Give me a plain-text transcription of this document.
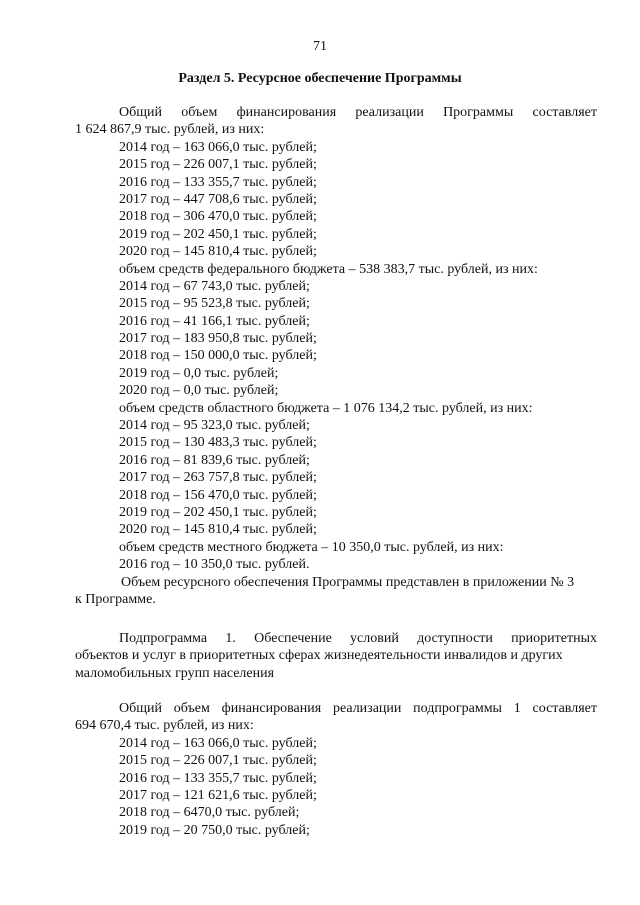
71
Раздел 5. Ресурсное обеспечение Программы
Общий объем финансирования реализации Программы составляет
1 624 867,9 тыс. рублей, из них:
2014 год – 163 066,0 тыс. рублей;
2015 год – 226 007,1 тыс. рублей;
2016 год – 133 355,7 тыс. рублей;
2017 год – 447 708,6 тыс. рублей;
2018 год – 306 470,0 тыс. рублей;
2019 год – 202 450,1 тыс. рублей;
2020 год – 145 810,4 тыс. рублей;
объем средств федерального бюджета – 538 383,7 тыс. рублей, из них:
2014 год – 67 743,0 тыс. рублей;
2015 год – 95 523,8 тыс. рублей;
2016 год – 41 166,1 тыс. рублей;
2017 год – 183 950,8 тыс. рублей;
2018 год – 150 000,0 тыс. рублей;
2019 год – 0,0 тыс. рублей;
2020 год – 0,0 тыс. рублей;
объем средств областного бюджета – 1 076 134,2 тыс. рублей, из них:
2014 год – 95 323,0 тыс. рублей;
2015 год – 130 483,3 тыс. рублей;
2016 год – 81 839,6 тыс. рублей;
2017 год – 263 757,8 тыс. рублей;
2018 год – 156 470,0 тыс. рублей;
2019 год – 202 450,1 тыс. рублей;
2020 год – 145 810,4 тыс. рублей;
объем средств местного бюджета – 10 350,0 тыс. рублей, из них:
2016 год – 10 350,0 тыс. рублей.
Объем ресурсного обеспечения Программы представлен в приложении № 3
к Программе.
Подпрограмма 1. Обеспечение условий доступности приоритетных
объектов и услуг в приоритетных сферах жизнедеятельности инвалидов и других
маломобильных групп населения
Общий объем финансирования реализации подпрограммы 1 составляет
694 670,4 тыс. рублей, из них:
2014 год – 163 066,0 тыс. рублей;
2015 год – 226 007,1 тыс. рублей;
2016 год – 133 355,7 тыс. рублей;
2017 год – 121 621,6 тыс. рублей;
2018 год – 6470,0 тыс. рублей;
2019 год – 20 750,0 тыс. рублей;
